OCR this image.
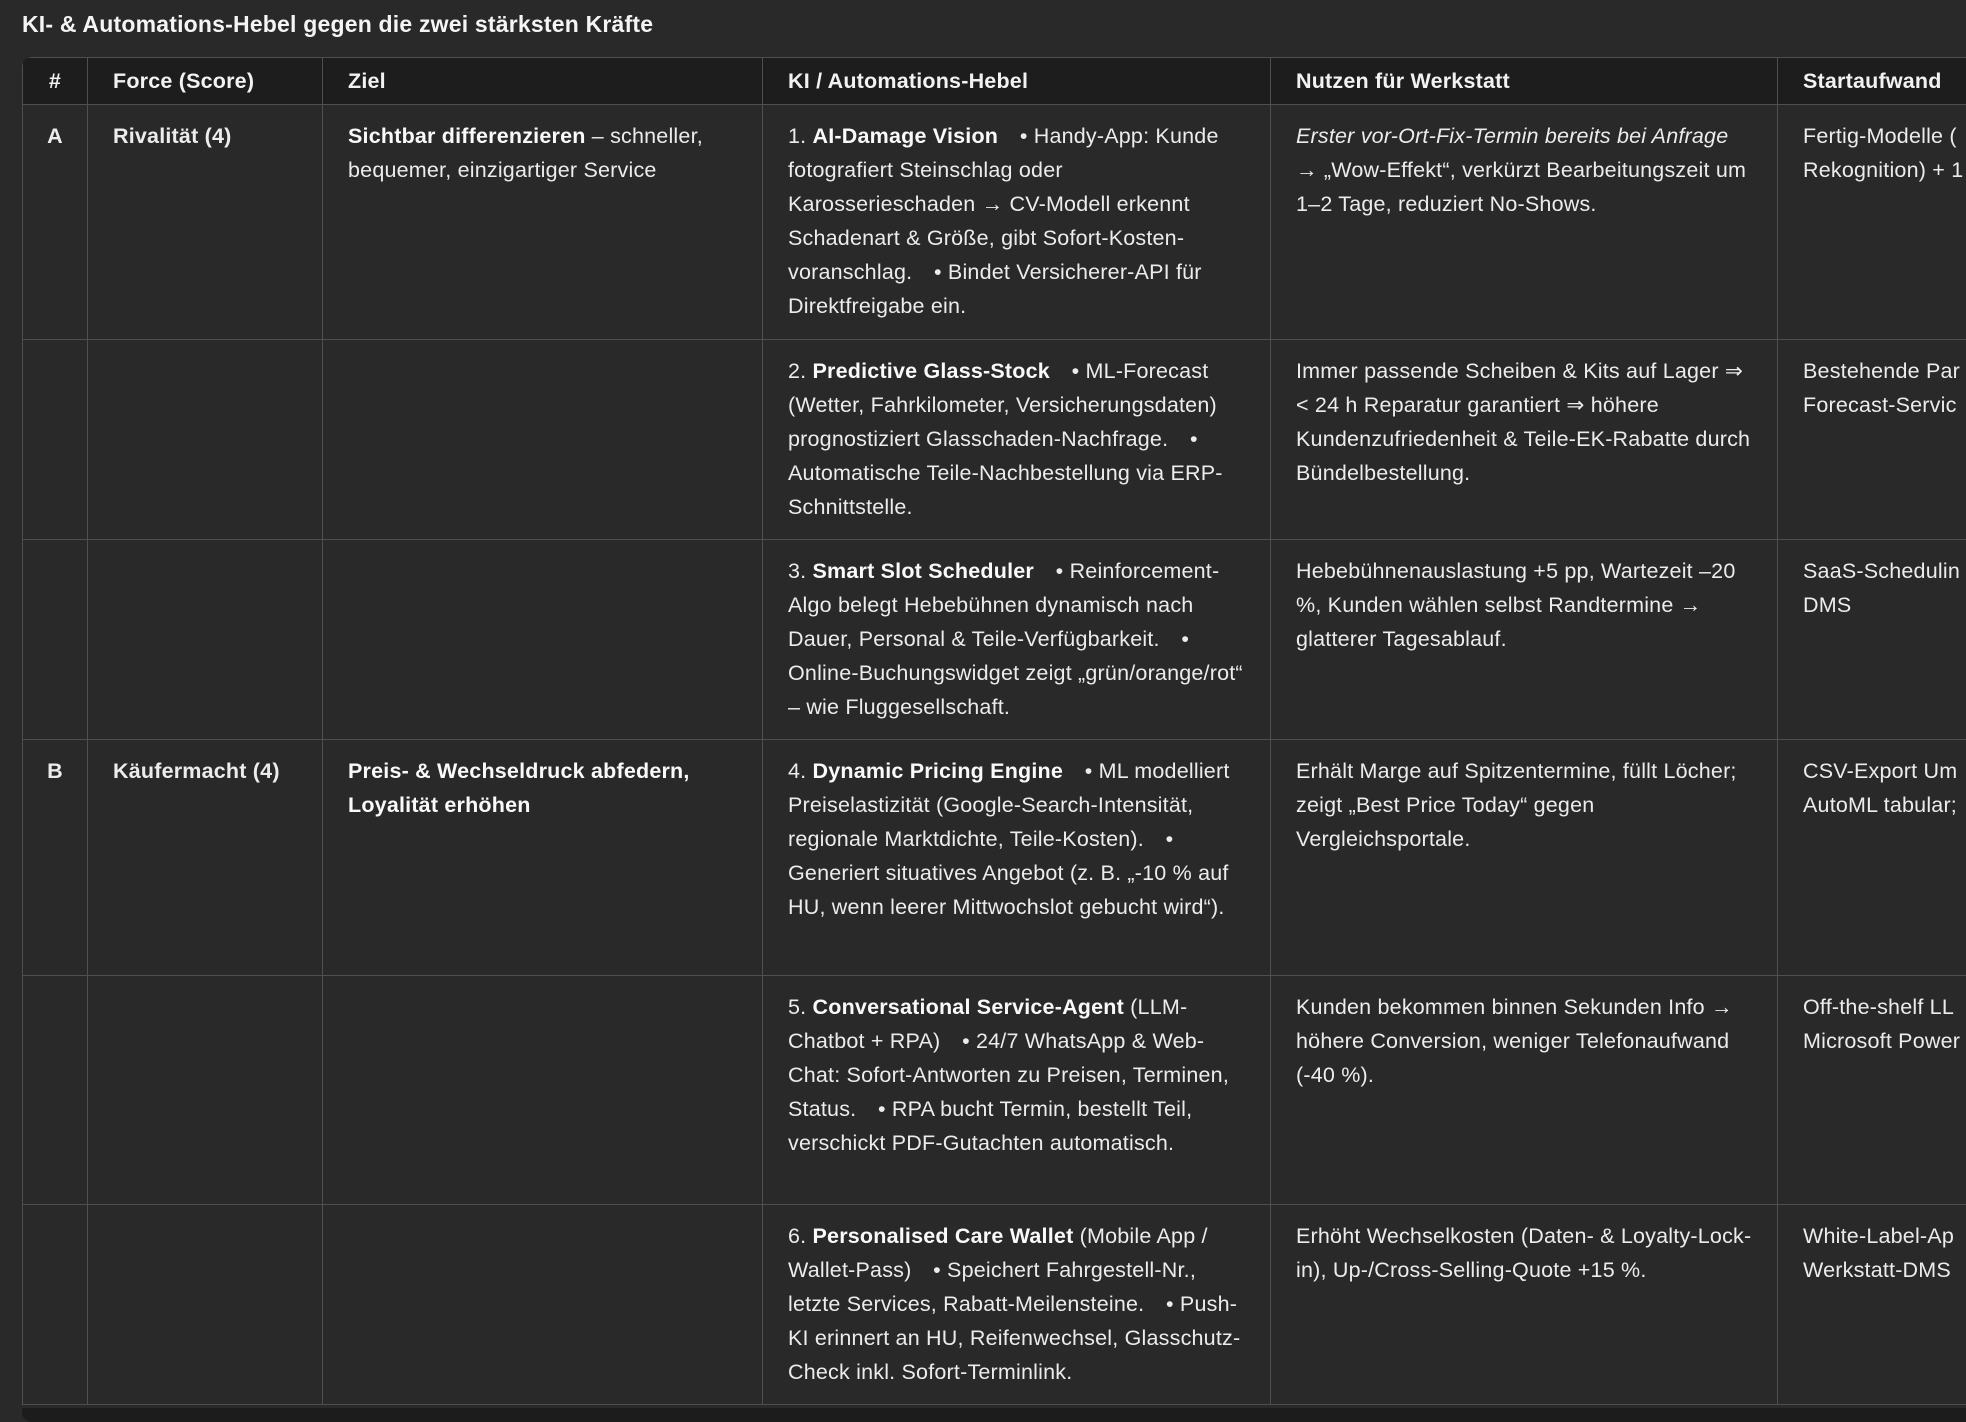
KI- & Automations-Hebel gegen die zwei stärksten Kräfte
#	Force (Score)	Ziel	KI / Automations-Hebel	Nutzen für Werkstatt	Startaufwand
A	Rivalität (4)	Sichtbar differenzieren – schneller, bequemer, einzigartiger Service	1. AI-Damage Vision • Handy-App: Kunde fotografiert Steinschlag oder Karosserieschaden → CV-Modell erkennt Schadenart & Größe, gibt Sofort-Kostenvoranschlag. • Bindet Versicherer-API für Direktfreigabe ein.	Erster vor-Ort-Fix-Termin bereits bei Anfrage → „Wow-Effekt“, verkürzt Bearbeitungszeit um 1–2 Tage, reduziert No-Shows.	Fertig-Modelle (
Rekognition) + 1

			2. Predictive Glass-Stock • ML-Forecast (Wetter, Fahrkilometer, Versicherungsdaten) prognostiziert Glasschaden-Nachfrage. • Automatische Teile-Nachbestellung via ERP-Schnittstelle.	Immer passende Scheiben & Kits auf Lager ⇒ < 24 h Reparatur garantiert ⇒ höhere Kundenzufriedenheit & Teile-EK-Rabatte durch Bündelbestellung.	Bestehende Par
Forecast-Servic

			3. Smart Slot Scheduler • Reinforcement-Algo belegt Hebebühnen dynamisch nach Dauer, Personal & Teile-Verfügbarkeit. • Online-Buchungswidget zeigt „grün/orange/rot“ – wie Fluggesellschaft.	Hebebühnenauslastung +5 pp, Wartezeit –20 %, Kunden wählen selbst Randtermine → glatterer Tagesablauf.	SaaS-Schedulin
DMS

B	Käufermacht (4)	Preis- & Wechseldruck abfedern, Loyalität erhöhen	4. Dynamic Pricing Engine • ML modelliert Preiselastizität (Google-Search-Intensität, regionale Marktdichte, Teile-Kosten). • Generiert situatives Angebot (z. B. „-10 % auf HU, wenn leerer Mittwochslot gebucht wird“).	Erhält Marge auf Spitzentermine, füllt Löcher; zeigt „Best Price Today“ gegen Vergleichsportale.	CSV-Export Um
AutoML tabular;

			5. Conversational Service-Agent (LLM-Chatbot + RPA) • 24/7 WhatsApp & Web-Chat: Sofort-Antworten zu Preisen, Terminen, Status. • RPA bucht Termin, bestellt Teil, verschickt PDF-Gutachten automatisch.	Kunden bekommen binnen Sekunden Info → höhere Conversion, weniger Telefonaufwand (-40 %).	Off-the-shelf LL
Microsoft Power

			6. Personalised Care Wallet (Mobile App / Wallet-Pass) • Speichert Fahrgestell-Nr., letzte Services, Rabatt-Meilensteine. • Push-KI erinnert an HU, Reifenwechsel, Glasschutz-Check inkl. Sofort-Terminlink.	Erhöht Wechselkosten (Daten- & Loyalty-Lock-in), Up-/Cross-Selling-Quote +15 %.	White-Label-Ap
Werkstatt-DMS
